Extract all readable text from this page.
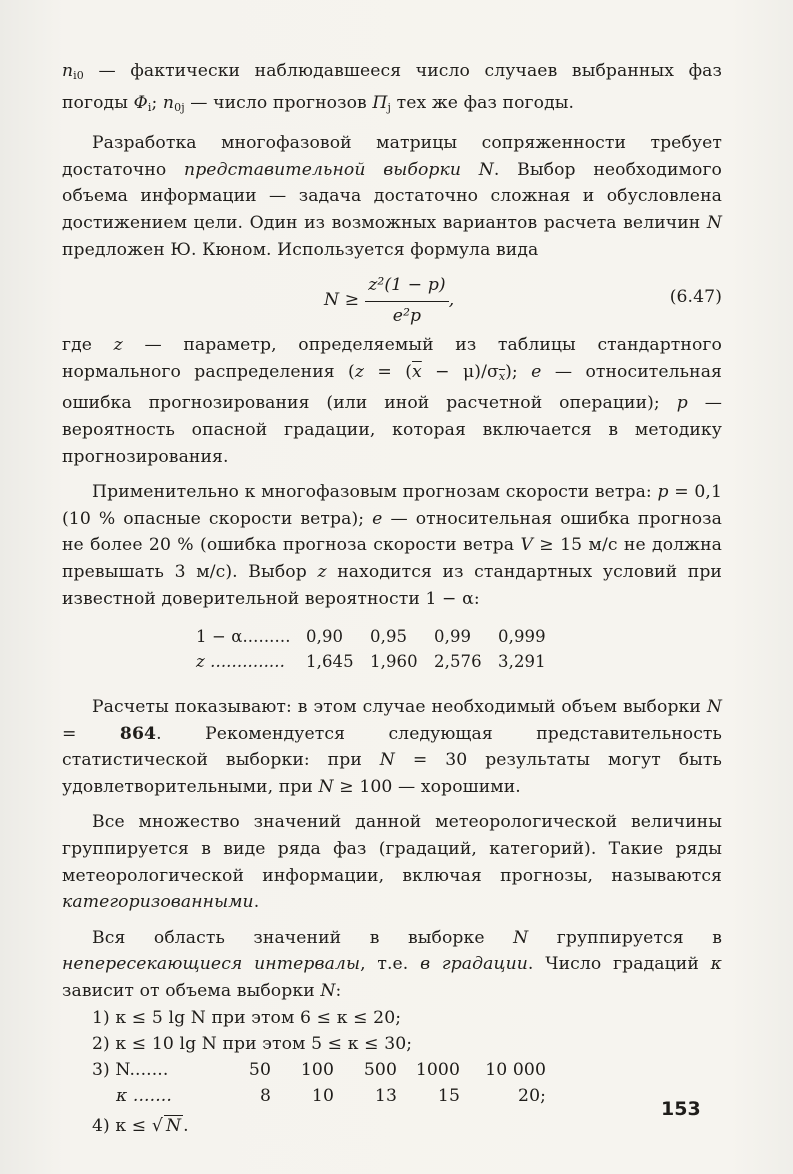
$n_{i0}$ — фактически наблюдавшееся число случаев выбранных фаз погоды $\Phi_i$; $n_{0j}$ — число прогнозов $\Pi_j$ тех же фаз погоды.

Разработка многофазовой матрицы сопряженности требует достаточно представительной выборки N. Выбор необходимого объема информации — задача достаточно сложная и обусловлена достижением цели. Один из возможных вариантов расчета величин N предложен Ю. Кюном. Используется формула вида

$N \ge \frac{\text{z²(1 − p)}}{\text{e²p}}$ ,	(6.47)

где z — параметр, определяемый из таблицы стандартного нормального распределения $(z = (\overline{x} - \mu)/\sigma_{\overline{x}})$; e — относительная ошибка прогнозирования (или иной расчетной операции); p — вероятность опасной градации, которая включается в методику прогнозирования.

Применительно к многофазовым прогнозам скорости ветра: p = 0,1 (10 % опасные скорости ветра); e — относительная ошибка прогноза не более 20 % (ошибка прогноза скорости ветра V ≥ 15 м/с не должна превышать 3 м/с). Выбор z находится из стандартных условий при известной доверительной вероятности 1 − α:

1 − α......... 0,90	0,95	0,99	0,999
z ..............	1,645 1,960 2,576 3,291

Расчеты показывают: в этом случае необходимый объем выборки N = 864. Рекомендуется следующая представительность статистической выборки: при N = 30 результаты могут быть удовлетворительными, при N ≥ 100 — хорошими.

Все множество значений данной метеорологической величины группируется в виде ряда фаз (градаций, категорий). Такие ряды метеорологической информации, включая прогнозы, называются категоризованными.

Вся область значений в выборке N группируется в непересекающиеся интервалы, т.е. в градации. Число градаций κ зависит от объема выборки N:

1) κ ≤ 5 lg N при этом 6 ≤ κ ≤ 20;
2) κ ≤ 10 lg N при этом 5 ≤ κ ≤ 30;
3) N.......	50	100	500	1000	10 000
κ .......	8	10	13	15	20;
4) κ ≤ √ N .
153
